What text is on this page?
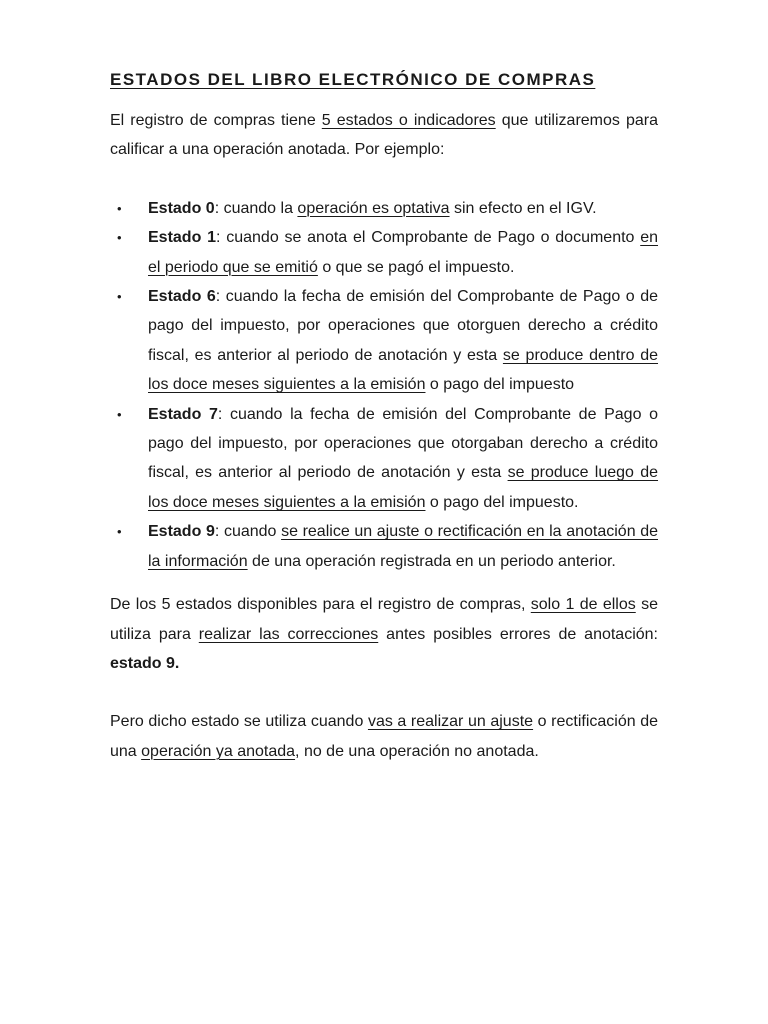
ESTADOS DEL LIBRO ELECTRÓNICO DE COMPRAS

El registro de compras tiene 5 estados o indicadores que utilizaremos para calificar a una operación anotada. Por ejemplo:

• Estado 0: cuando la operación es optativa sin efecto en el IGV.
• Estado 1: cuando se anota el Comprobante de Pago o documento en el periodo que se emitió o que se pagó el impuesto.
• Estado 6: cuando la fecha de emisión del Comprobante de Pago o de pago del impuesto, por operaciones que otorguen derecho a crédito fiscal, es anterior al periodo de anotación y esta se produce dentro de los doce meses siguientes a la emisión o pago del impuesto
• Estado 7: cuando la fecha de emisión del Comprobante de Pago o pago del impuesto, por operaciones que otorgaban derecho a crédito fiscal, es anterior al periodo de anotación y esta se produce luego de los doce meses siguientes a la emisión o pago del impuesto.
• Estado 9: cuando se realice un ajuste o rectificación en la anotación de la información de una operación registrada en un periodo anterior.

De los 5 estados disponibles para el registro de compras, solo 1 de ellos se utiliza para realizar las correcciones antes posibles errores de anotación: estado 9.

Pero dicho estado se utiliza cuando vas a realizar un ajuste o rectificación de una operación ya anotada, no de una operación no anotada.
